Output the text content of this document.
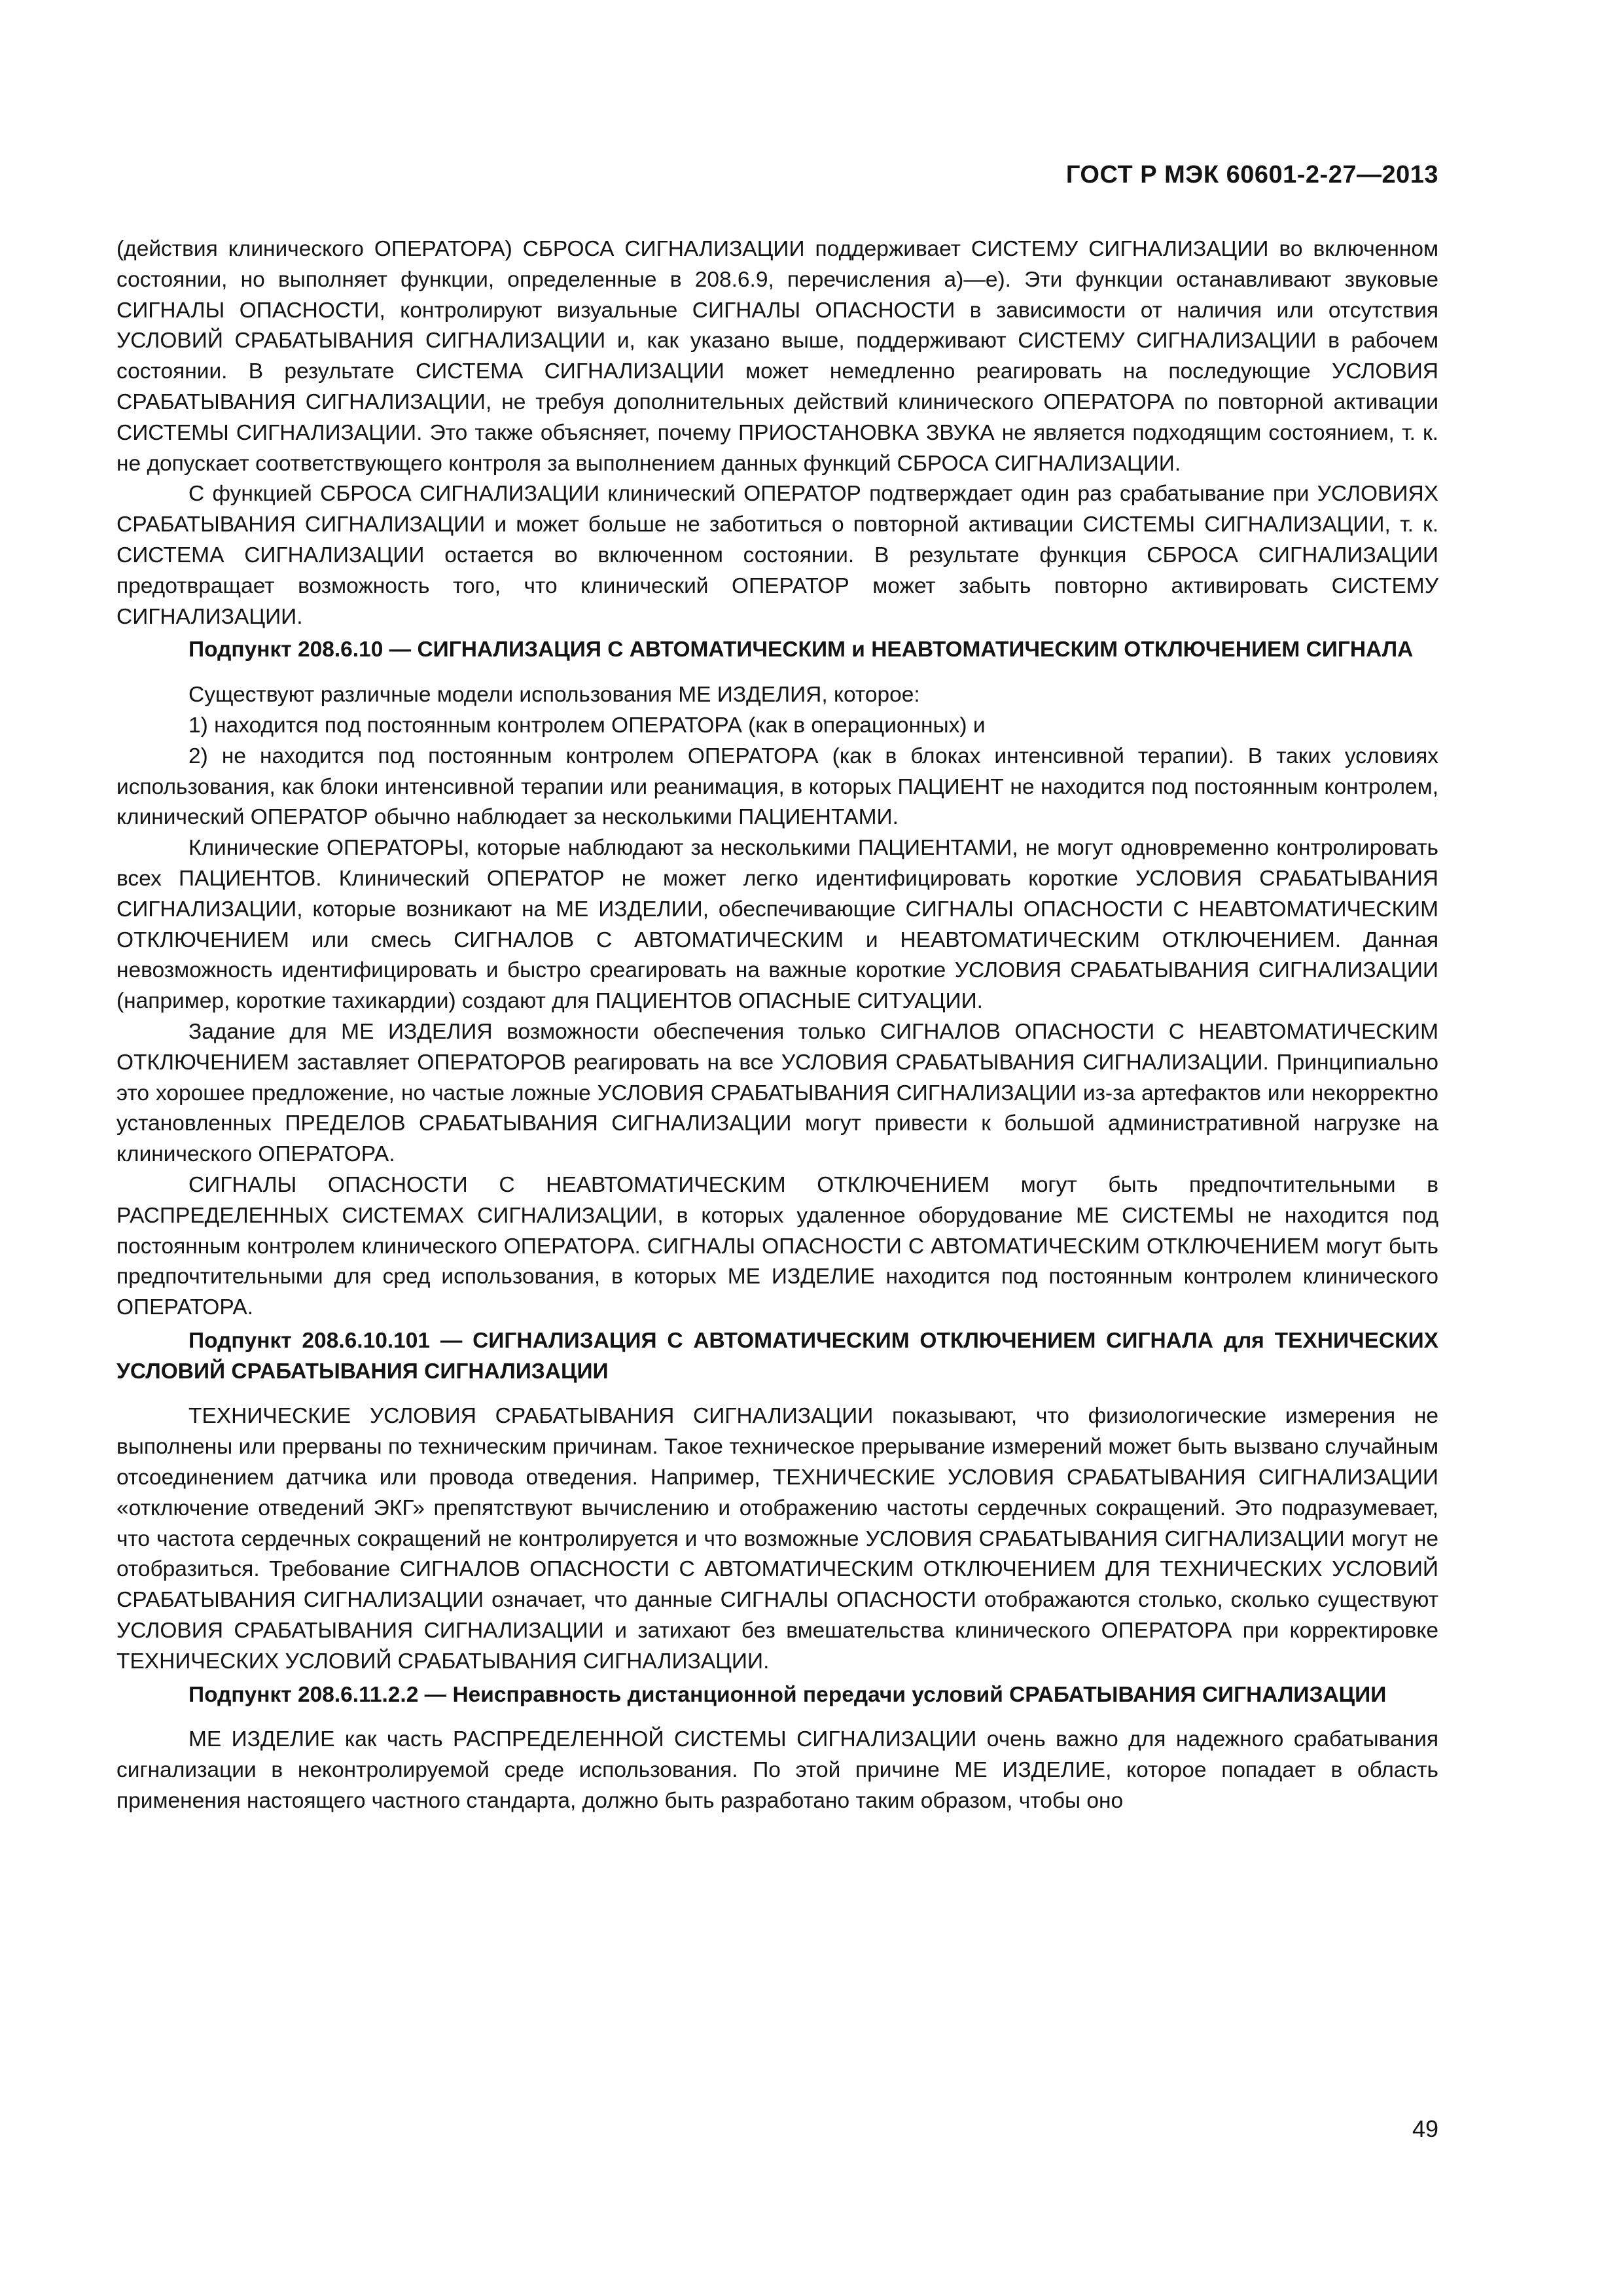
ГОСТ Р МЭК 60601-2-27—2013

(действия клинического ОПЕРАТОРА) СБРОСА СИГНАЛИЗАЦИИ поддерживает СИСТЕМУ СИГНАЛИЗАЦИИ во включенном состоянии, но выполняет функции, определенные в 208.6.9, перечисления а)—е). Эти функции останавливают звуковые СИГНАЛЫ ОПАСНОСТИ, контролируют визуальные СИГНАЛЫ ОПАСНОСТИ в зависимости от наличия или отсутствия УСЛОВИЙ СРАБАТЫВАНИЯ СИГНАЛИЗАЦИИ и, как указано выше, поддерживают СИСТЕМУ СИГНАЛИЗАЦИИ в рабочем состоянии. В результате СИСТЕМА СИГНАЛИЗАЦИИ может немедленно реагировать на последующие УСЛОВИЯ СРАБАТЫВАНИЯ СИГНАЛИЗАЦИИ, не требуя дополнительных действий клинического ОПЕРАТОРА по повторной активации СИСТЕМЫ СИГНАЛИЗАЦИИ. Это также объясняет, почему ПРИОСТАНОВКА ЗВУКА не является подходящим состоянием, т. к. не допускает соответствующего контроля за выполнением данных функций СБРОСА СИГНАЛИЗАЦИИ.

С функцией СБРОСА СИГНАЛИЗАЦИИ клинический ОПЕРАТОР подтверждает один раз срабатывание при УСЛОВИЯХ СРАБАТЫВАНИЯ СИГНАЛИЗАЦИИ и может больше не заботиться о повторной активации СИСТЕМЫ СИГНАЛИЗАЦИИ, т. к. СИСТЕМА СИГНАЛИЗАЦИИ остается во включенном состоянии. В результате функция СБРОСА СИГНАЛИЗАЦИИ предотвращает возможность того, что клинический ОПЕРАТОР может забыть повторно активировать СИСТЕМУ СИГНАЛИЗАЦИИ.

Подпункт 208.6.10 — СИГНАЛИЗАЦИЯ С АВТОМАТИЧЕСКИМ и НЕАВТОМАТИЧЕСКИМ ОТКЛЮЧЕНИЕМ СИГНАЛА

Существуют различные модели использования МЕ ИЗДЕЛИЯ, которое:

1) находится под постоянным контролем ОПЕРАТОРА (как в операционных) и

2) не находится под постоянным контролем ОПЕРАТОРА (как в блоках интенсивной терапии). В таких условиях использования, как блоки интенсивной терапии или реанимация, в которых ПАЦИЕНТ не находится под постоянным контролем, клинический ОПЕРАТОР обычно наблюдает за несколькими ПАЦИЕНТАМИ.

Клинические ОПЕРАТОРЫ, которые наблюдают за несколькими ПАЦИЕНТАМИ, не могут одновременно контролировать всех ПАЦИЕНТОВ. Клинический ОПЕРАТОР не может легко идентифицировать короткие УСЛОВИЯ СРАБАТЫВАНИЯ СИГНАЛИЗАЦИИ, которые возникают на МЕ ИЗДЕЛИИ, обеспечивающие СИГНАЛЫ ОПАСНОСТИ С НЕАВТОМАТИЧЕСКИМ ОТКЛЮЧЕНИЕМ или смесь СИГНАЛОВ С АВТОМАТИЧЕСКИМ и НЕАВТОМАТИЧЕСКИМ ОТКЛЮЧЕНИЕМ. Данная невозможность идентифицировать и быстро среагировать на важные короткие УСЛОВИЯ СРАБАТЫВАНИЯ СИГНАЛИЗАЦИИ (например, короткие тахикардии) создают для ПАЦИЕНТОВ ОПАСНЫЕ СИТУАЦИИ.

Задание для МЕ ИЗДЕЛИЯ возможности обеспечения только СИГНАЛОВ ОПАСНОСТИ С НЕАВТОМАТИЧЕСКИМ ОТКЛЮЧЕНИЕМ заставляет ОПЕРАТОРОВ реагировать на все УСЛОВИЯ СРАБАТЫВАНИЯ СИГНАЛИЗАЦИИ. Принципиально это хорошее предложение, но частые ложные УСЛОВИЯ СРАБАТЫВАНИЯ СИГНАЛИЗАЦИИ из-за артефактов или некорректно установленных ПРЕДЕЛОВ СРАБАТЫВАНИЯ СИГНАЛИЗАЦИИ могут привести к большой административной нагрузке на клинического ОПЕРАТОРА.

СИГНАЛЫ ОПАСНОСТИ С НЕАВТОМАТИЧЕСКИМ ОТКЛЮЧЕНИЕМ могут быть предпочтительными в РАСПРЕДЕЛЕННЫХ СИСТЕМАХ СИГНАЛИЗАЦИИ, в которых удаленное оборудование МЕ СИСТЕМЫ не находится под постоянным контролем клинического ОПЕРАТОРА. СИГНАЛЫ ОПАСНОСТИ С АВТОМАТИЧЕСКИМ ОТКЛЮЧЕНИЕМ могут быть предпочтительными для сред использования, в которых МЕ ИЗДЕЛИЕ находится под постоянным контролем клинического ОПЕРАТОРА.

Подпункт 208.6.10.101 — СИГНАЛИЗАЦИЯ С АВТОМАТИЧЕСКИМ ОТКЛЮЧЕНИЕМ СИГНАЛА для ТЕХНИЧЕСКИХ УСЛОВИЙ СРАБАТЫВАНИЯ СИГНАЛИЗАЦИИ

ТЕХНИЧЕСКИЕ УСЛОВИЯ СРАБАТЫВАНИЯ СИГНАЛИЗАЦИИ показывают, что физиологические измерения не выполнены или прерваны по техническим причинам. Такое техническое прерывание измерений может быть вызвано случайным отсоединением датчика или провода отведения. Например, ТЕХНИЧЕСКИЕ УСЛОВИЯ СРАБАТЫВАНИЯ СИГНАЛИЗАЦИИ «отключение отведений ЭКГ» препятствуют вычислению и отображению частоты сердечных сокращений. Это подразумевает, что частота сердечных сокращений не контролируется и что возможные УСЛОВИЯ СРАБАТЫВАНИЯ СИГНАЛИЗАЦИИ могут не отобразиться. Требование СИГНАЛОВ ОПАСНОСТИ С АВТОМАТИЧЕСКИМ ОТКЛЮЧЕНИЕМ ДЛЯ ТЕХНИЧЕСКИХ УСЛОВИЙ СРАБАТЫВАНИЯ СИГНАЛИЗАЦИИ означает, что данные СИГНАЛЫ ОПАСНОСТИ отображаются столько, сколько существуют УСЛОВИЯ СРАБАТЫВАНИЯ СИГНАЛИЗАЦИИ и затихают без вмешательства клинического ОПЕРАТОРА при корректировке ТЕХНИЧЕСКИХ УСЛОВИЙ СРАБАТЫВАНИЯ СИГНАЛИЗАЦИИ.

Подпункт 208.6.11.2.2 — Неисправность дистанционной передачи условий СРАБАТЫВАНИЯ СИГНАЛИЗАЦИИ

МЕ ИЗДЕЛИЕ как часть РАСПРЕДЕЛЕННОЙ СИСТЕМЫ СИГНАЛИЗАЦИИ очень важно для надежного срабатывания сигнализации в неконтролируемой среде использования. По этой причине МЕ ИЗДЕЛИЕ, которое попадает в область применения настоящего частного стандарта, должно быть разработано таким образом, чтобы оно

49
